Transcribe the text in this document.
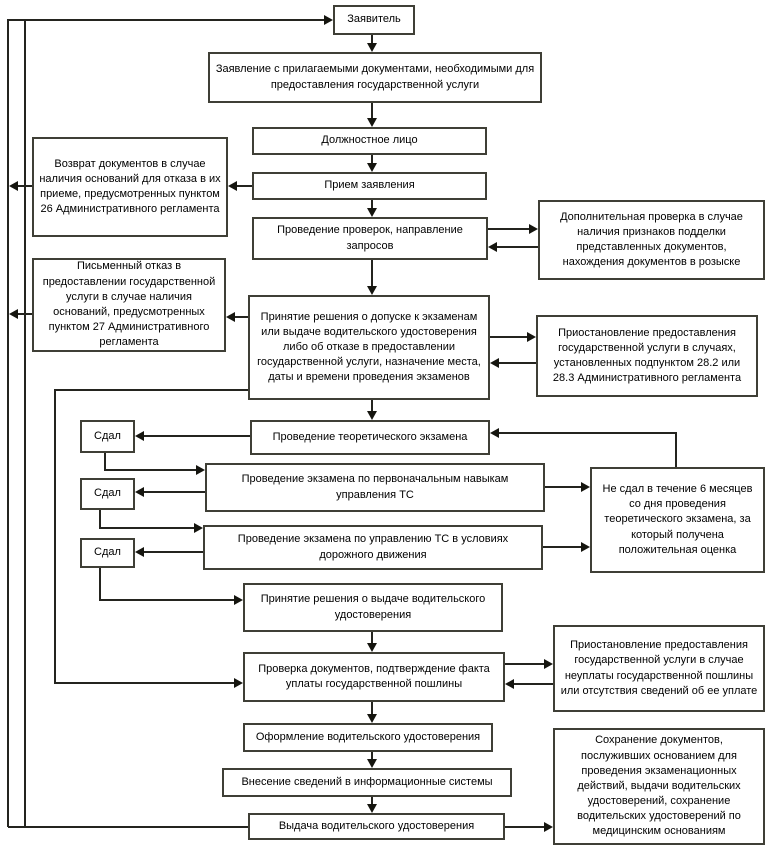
Заявитель
Заявление с прилагаемыми документами, необходимыми для предоставления государственной услуги
Должностное лицо
Прием заявления
Проведение проверок, направление запросов
Возврат документов в случае наличия оснований для отказа в их приеме, предусмотренных пунктом 26 Административного регламента
Дополнительная проверка в случае наличия признаков подделки представленных документов, нахождения документов в розыске
Принятие решения о допуске к экзаменам или выдаче водительского удостоверения либо об отказе в предоставлении государственной услуги, назначение места, даты и времени проведения экзаменов
Письменный отказ в предоставлении государственной услуги в случае наличия оснований, предусмотренных пунктом 27 Административного регламента
Приостановление предоставления государственной услуги в случаях, установленных подпунктом 28.2 или 28.3 Административного регламента
Проведение теоретического экзамена
Сдал
Проведение экзамена по первоначальным навыкам управления ТС
Сдал
Проведение экзамена по управлению ТС в условиях дорожного движения
Сдал
Не сдал в течение 6 месяцев со дня проведения теоретического экзамена, за который получена положительная оценка
Принятие решения о выдаче водительского удостоверения
Проверка документов, подтверждение факта уплаты государственной пошлины
Приостановление предоставления государственной услуги в случае неуплаты государственной пошлины или отсутствия сведений об ее уплате
Оформление водительского удостоверения
Внесение сведений в информационные системы
Выдача водительского удостоверения
Сохранение документов, послуживших основанием для проведения экзаменационных действий, выдачи водительских удостоверений, сохранение водительских удостоверений по медицинским основаниям
